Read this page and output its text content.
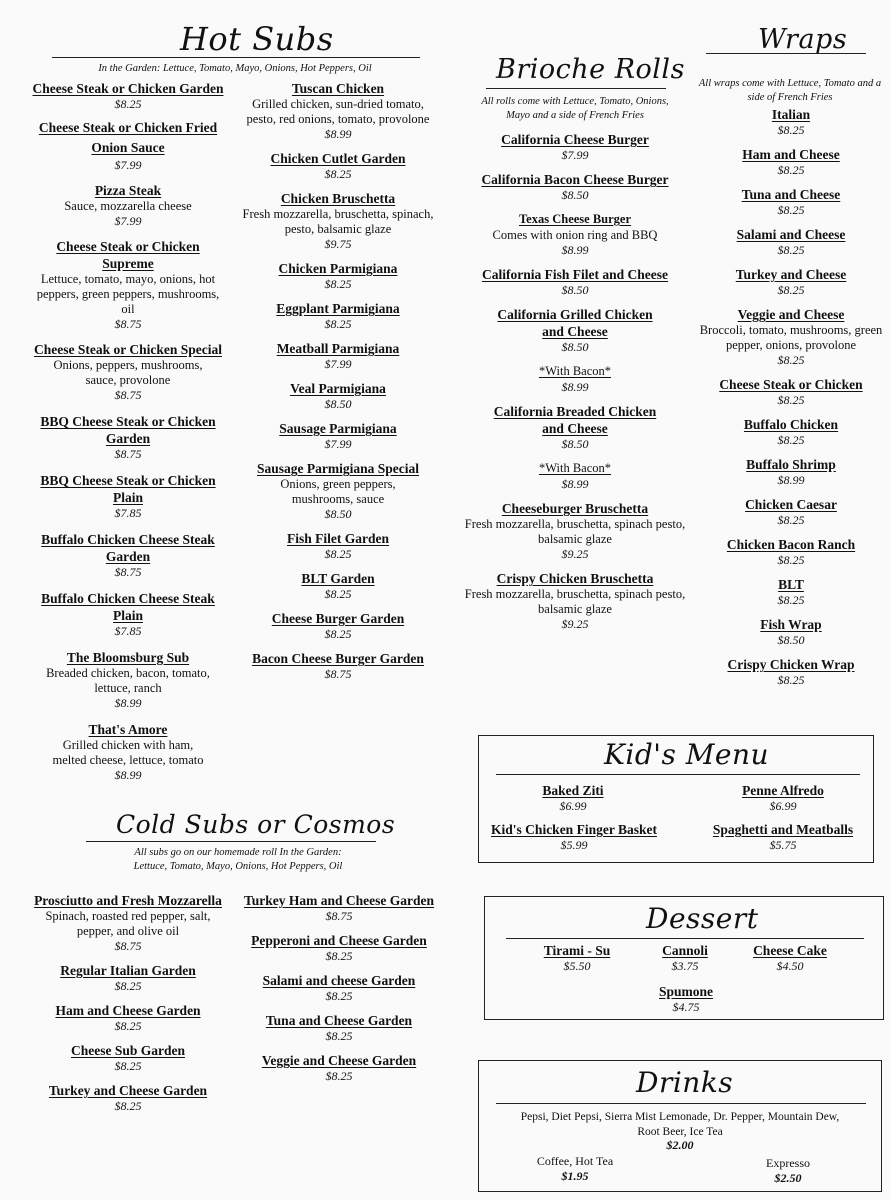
Hot Subs
In the Garden: Lettuce, Tomato, Mayo, Onions, Hot Peppers, Oil
Cheese Steak or Chicken Garden
$8.25
Cheese Steak or Chicken Fried Onion Sauce
$7.99
Pizza Steak
Sauce, mozzarella cheese
$7.99
Cheese Steak or Chicken Supreme
Lettuce, tomato, mayo, onions, hot peppers, green peppers, mushrooms, oil
$8.75
Cheese Steak or Chicken Special
Onions, peppers, mushrooms, sauce, provolone
$8.75
BBQ Cheese Steak or Chicken Garden
$8.75
BBQ Cheese Steak or Chicken Plain
$7.85
Buffalo Chicken Cheese Steak Garden
$8.75
Buffalo Chicken Cheese Steak Plain
$7.85
The Bloomsburg Sub
Breaded chicken, bacon, tomato, lettuce, ranch
$8.99
That's Amore
Grilled chicken with ham, melted cheese, lettuce, tomato
$8.99
Tuscan Chicken
Grilled chicken, sun-dried tomato, pesto, red onions, tomato, provolone
$8.99
Chicken Cutlet Garden
$8.25
Chicken Bruschetta
Fresh mozzarella, bruschetta, spinach, pesto, balsamic glaze
$9.75
Chicken Parmigiana
$8.25
Eggplant Parmigiana
$8.25
Meatball Parmigiana
$7.99
Veal Parmigiana
$8.50
Sausage Parmigiana
$7.99
Sausage Parmigiana Special
Onions, green peppers, mushrooms, sauce
$8.50
Fish Filet Garden
$8.25
BLT Garden
$8.25
Cheese Burger Garden
$8.25
Bacon Cheese Burger Garden
$8.75
Brioche Rolls
All rolls come with Lettuce, Tomato, Onions, Mayo and a side of French Fries
California Cheese Burger
$7.99
California Bacon Cheese Burger
$8.50
Texas Cheese Burger
Comes with onion ring and BBQ
$8.99
California Fish Filet and Cheese
$8.50
California Grilled Chicken and Cheese
$8.50
*With Bacon*
$8.99
California Breaded Chicken and Cheese
$8.50
*With Bacon*
$8.99
Cheeseburger Bruschetta
Fresh mozzarella, bruschetta, spinach pesto, balsamic glaze
$9.25
Crispy Chicken Bruschetta
Fresh mozzarella, bruschetta, spinach pesto, balsamic glaze
$9.25
Wraps
All wraps come with Lettuce, Tomato and a side of French Fries
Italian
$8.25
Ham and Cheese
$8.25
Tuna and Cheese
$8.25
Salami and Cheese
$8.25
Turkey and Cheese
$8.25
Veggie and Cheese
Broccoli, tomato, mushrooms, green pepper, onions, provolone
$8.25
Cheese Steak or Chicken
$8.25
Buffalo Chicken
$8.25
Buffalo Shrimp
$8.99
Chicken Caesar
$8.25
Chicken Bacon Ranch
$8.25
BLT
$8.25
Fish Wrap
$8.50
Crispy Chicken Wrap
$8.25
Kid's Menu
Baked Ziti
$6.99
Penne Alfredo
$6.99
Kid's Chicken Finger Basket
$5.99
Spaghetti and Meatballs
$5.75
Cold Subs or Cosmos
All subs go on our homemade roll In the Garden: Lettuce, Tomato, Mayo, Onions, Hot Peppers, Oil
Prosciutto and Fresh Mozzarella
Spinach, roasted red pepper, salt, pepper, and olive oil
$8.75
Regular Italian Garden
$8.25
Ham and Cheese Garden
$8.25
Cheese Sub Garden
$8.25
Turkey and Cheese Garden
$8.25
Turkey Ham and Cheese Garden
$8.75
Pepperoni and Cheese Garden
$8.25
Salami and cheese Garden
$8.25
Tuna and Cheese Garden
$8.25
Veggie and Cheese Garden
$8.25
Dessert
Tirami - Su
$5.50
Cannoli
$3.75
Cheese Cake
$4.50
Spumone
$4.75
Drinks
Pepsi, Diet Pepsi, Sierra Mist Lemonade, Dr. Pepper, Mountain Dew,
Root Beer, Ice Tea
$2.00
Coffee, Hot Tea
$1.95
Expresso
$2.50
